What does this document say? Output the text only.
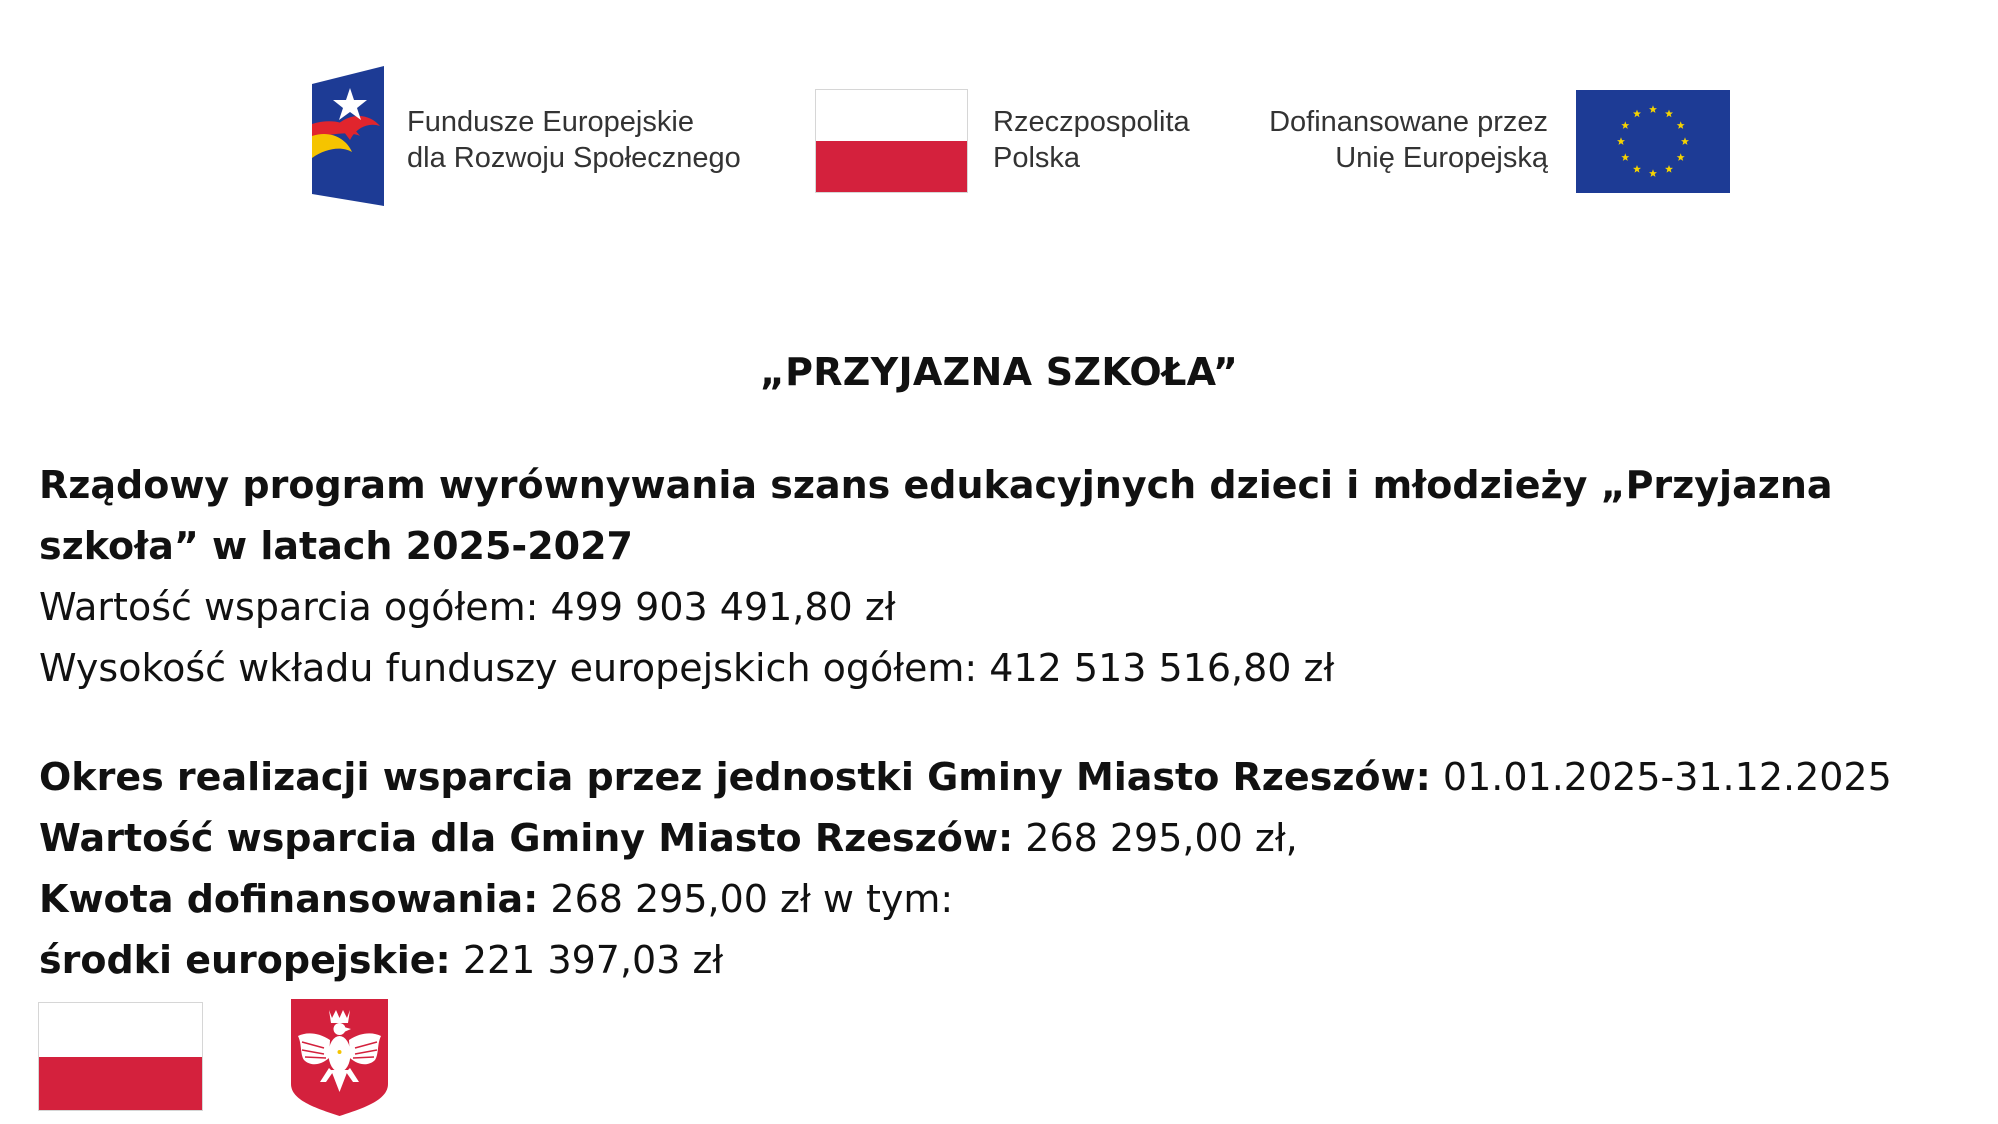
Fundusze Europejskie
dla Rozwoju Społecznego
Rzeczpospolita
Polska
Dofinansowane przez
Unię Europejską
„PRZYJAZNA SZKOŁA”

Rządowy program wyrównywania szans edukacyjnych dzieci i młodzieży „Przyjazna szkoła” w latach 2025-2027

Wartość wsparcia ogółem: 499 903 491,80 zł

Wysokość wkładu funduszy europejskich ogółem: 412 513 516,80 zł

Okres realizacji wsparcia przez jednostki Gminy Miasto Rzeszów: 01.01.2025-31.12.2025

Wartość wsparcia dla Gminy Miasto Rzeszów: 268 295,00 zł,

Kwota dofinansowania: 268 295,00 zł w tym:

środki europejskie: 221 397,03 zł
